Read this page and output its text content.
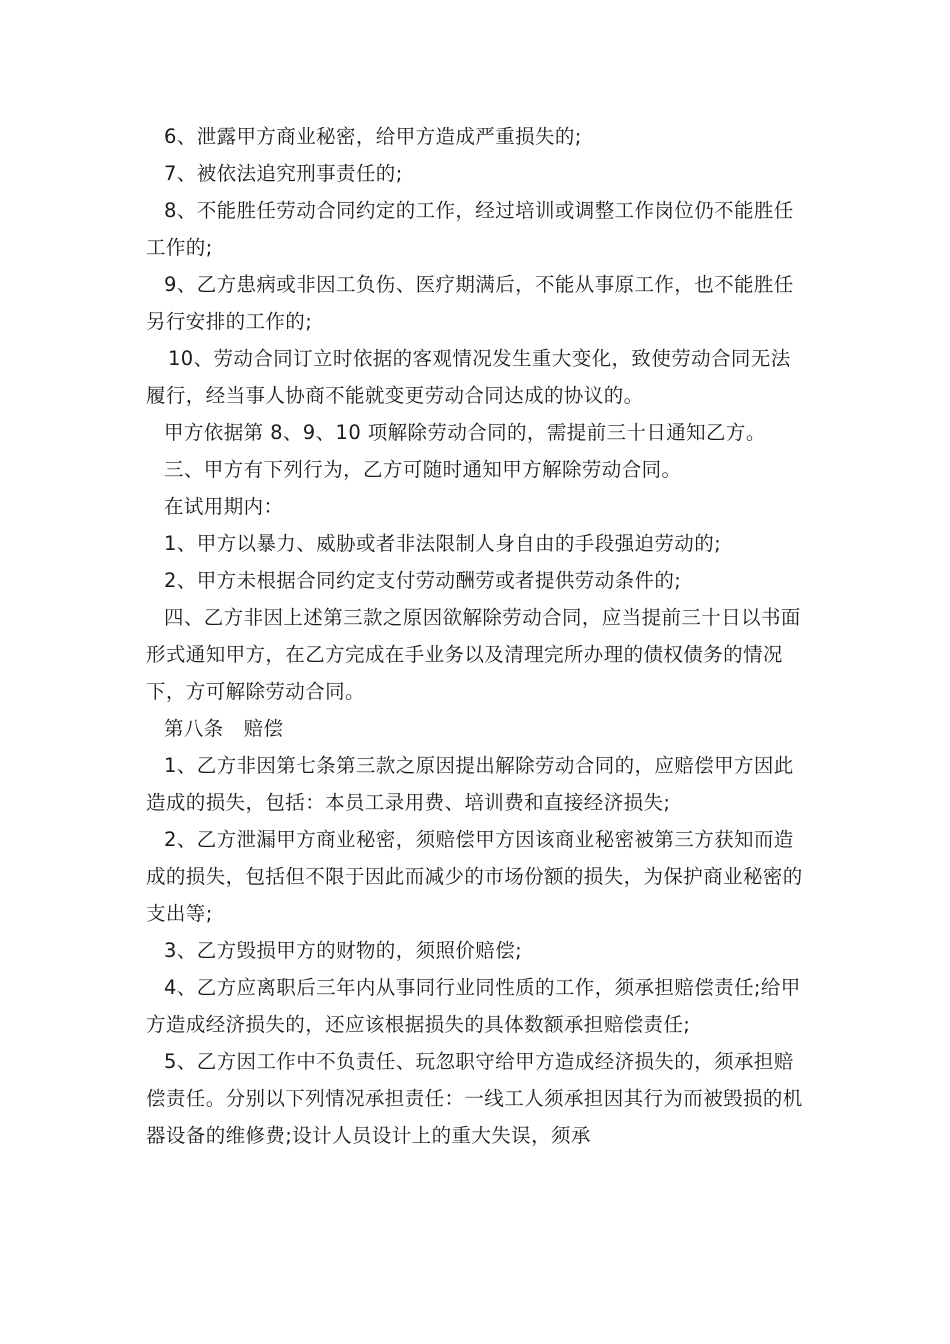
6、泄露甲方商业秘密，给甲方造成严重损失的;

7、被依法追究刑事责任的;

8、不能胜任劳动合同约定的工作，经过培训或调整工作岗位仍不能胜任工作的;

9、乙方患病或非因工负伤、医疗期满后，不能从事原工作，也不能胜任另行安排的工作的;

10、劳动合同订立时依据的客观情况发生重大变化，致使劳动合同无法履行，经当事人协商不能就变更劳动合同达成的协议的。

甲方依据第 8、9、10 项解除劳动合同的，需提前三十日通知乙方。

三、甲方有下列行为，乙方可随时通知甲方解除劳动合同。

在试用期内：

1、甲方以暴力、威胁或者非法限制人身自由的手段强迫劳动的;

2、甲方未根据合同约定支付劳动酬劳或者提供劳动条件的;

四、乙方非因上述第三款之原因欲解除劳动合同，应当提前三十日以书面形式通知甲方，在乙方完成在手业务以及清理完所办理的债权债务的情况下，方可解除劳动合同。

第八条　赔偿

1、乙方非因第七条第三款之原因提出解除劳动合同的，应赔偿甲方因此造成的损失，包括：本员工录用费、培训费和直接经济损失;

2、乙方泄漏甲方商业秘密，须赔偿甲方因该商业秘密被第三方获知而造成的损失，包括但不限于因此而减少的市场份额的损失，为保护商业秘密的支出等;

3、乙方毁损甲方的财物的，须照价赔偿;

4、乙方应离职后三年内从事同行业同性质的工作，须承担赔偿责任;给甲方造成经济损失的，还应该根据损失的具体数额承担赔偿责任;

5、乙方因工作中不负责任、玩忽职守给甲方造成经济损失的，须承担赔偿责任。分别以下列情况承担责任：一线工人须承担因其行为而被毁损的机器设备的维修费;设计人员设计上的重大失误，须承
